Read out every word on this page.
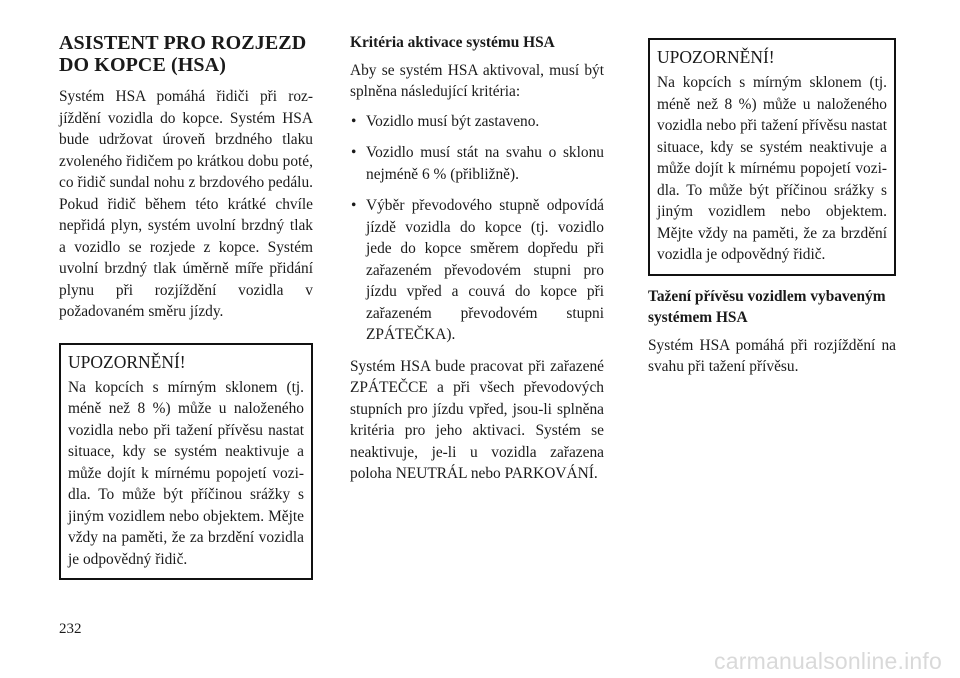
ASISTENT PRO ROZJEZD DO KOPCE (HSA)

Systém HSA pomáhá řidiči při rozjíždění vozidla do kopce. Systém HSA bude udržovat úroveň brzdného tlaku zvoleného řidičem po krátkou dobu poté, co řidič sundal nohu z brzdového pedálu. Pokud řidič během této krátké chvíle nepřidá plyn, systém uvolní brzdný tlak a vozidlo se rozjede z kopce. Systém uvolní brzdný tlak úměrně míře přidání plynu při rozjíždění vozidla v požadovaném směru jízdy.

UPOZORNĚNÍ!

Na kopcích s mírným sklonem (tj. méně než 8 %) může u naloženého vozidla nebo při tažení přívěsu nastat situace, kdy se systém neaktivuje a může dojít k mírnému popojetí vozidla. To může být příčinou srážky s jiným vozidlem nebo objektem. Mějte vždy na paměti, že za brzdění vozidla je odpovědný řidič.

Kritéria aktivace systému HSA

Aby se systém HSA aktivoval, musí být splněna následující kritéria:

• Vozidlo musí být zastaveno.
• Vozidlo musí stát na svahu o sklonu nejméně 6 % (přibližně).
• Výběr převodového stupně odpovídá jízdě vozidla do kopce (tj. vozidlo jede do kopce směrem dopředu při zařazeném převodovém stupni pro jízdu vpřed a couvá do kopce při zařazeném převodovém stupni ZPÁTEČKA).

Systém HSA bude pracovat při zařazené ZPÁTEČCE a při všech převodových stupních pro jízdu vpřed, jsou-li splněna kritéria pro jeho aktivaci. Systém se neaktivuje, je-li u vozidla zařazena poloha NEUTRÁL nebo PARKOVÁNÍ.

UPOZORNĚNÍ!

Na kopcích s mírným sklonem (tj. méně než 8 %) může u naloženého vozidla nebo při tažení přívěsu nastat situace, kdy se systém neaktivuje a může dojít k mírnému popojetí vozidla. To může být příčinou srážky s jiným vozidlem nebo objektem. Mějte vždy na paměti, že za brzdění vozidla je odpovědný řidič.

Tažení přívěsu vozidlem vybaveným systémem HSA

Systém HSA pomáhá při rozjíždění na svahu při tažení přívěsu.

232
carmanualsonline.info
